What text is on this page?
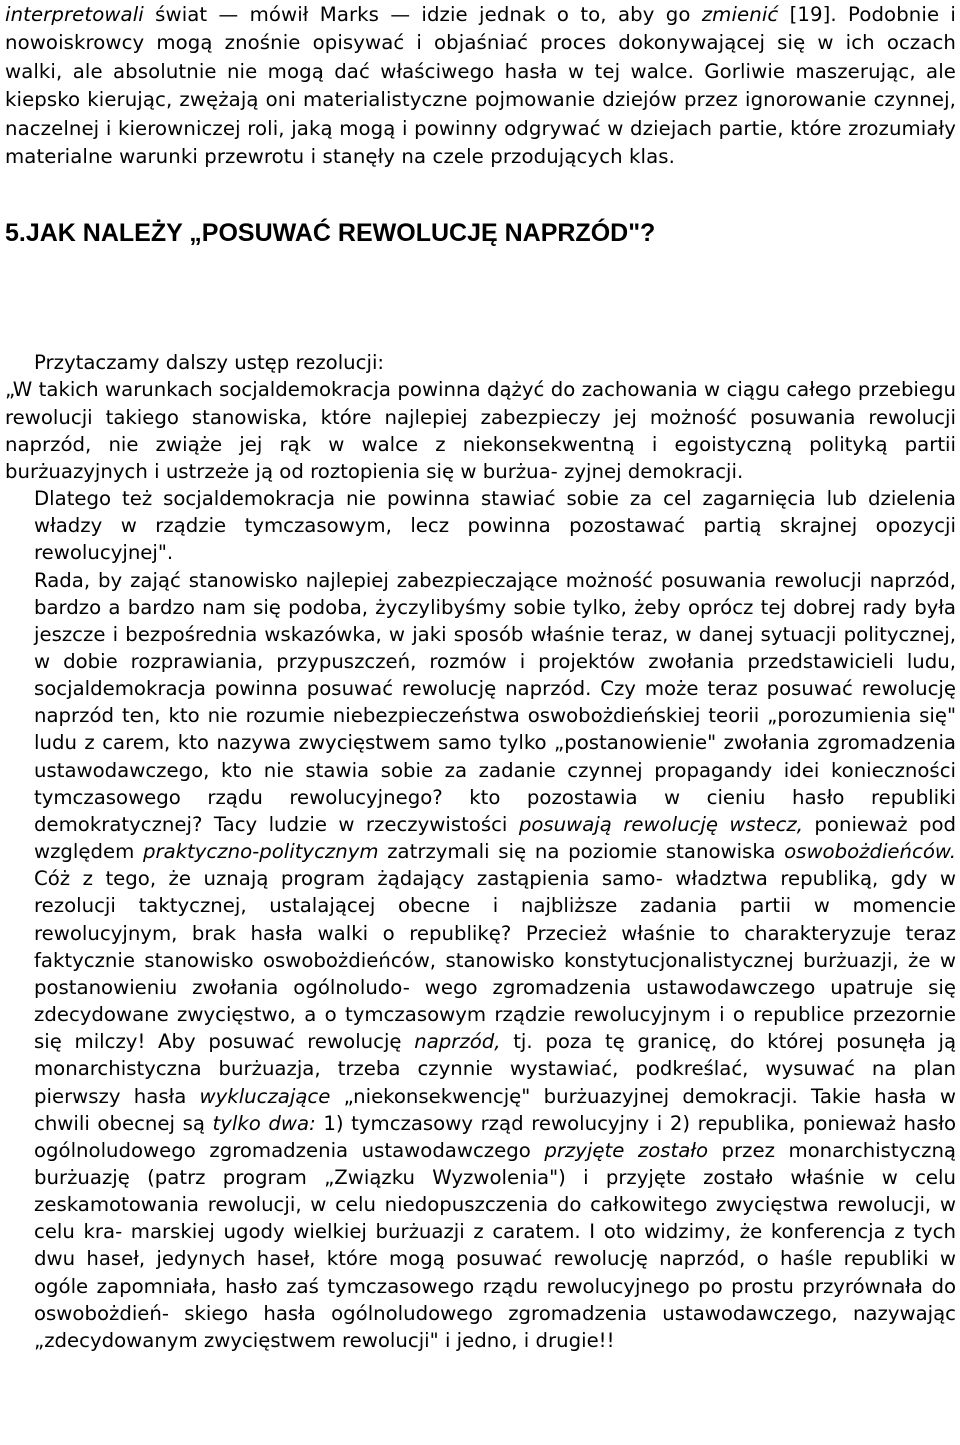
interpretowali świat — mówił Marks — idzie jednak o to, aby go zmienić [19]. Podobnie i nowoiskrowcy mogą znośnie opisywać i objaśniać proces dokonywającej się w ich oczach walki, ale absolutnie nie mogą dać właściwego hasła w tej walce. Gorliwie maszerując, ale kiepsko kierując, zwężają oni materialistyczne pojmowanie dziejów przez ignorowanie czynnej, naczelnej i kierowniczej roli, jaką mogą i powinny odgrywać w dziejach partie, które zrozumiały materialne warunki przewrotu i stanęły na czele przodujących klas.

5.JAK NALEŻY „POSUWAĆ REWOLUCJĘ NAPRZÓD"?

Przytaczamy dalszy ustęp rezolucji:

„W takich warunkach socjaldemokracja powinna dążyć do zachowania w ciągu całego przebiegu rewolucji takiego stanowiska, które najlepiej zabezpieczy jej możność posuwania rewolucji naprzód, nie zwiąże jej rąk w walce z niekonsekwentną i egoistyczną polityką partii burżuazyjnych i ustrzeże ją od roztopienia się w burżua- zyjnej demokracji.

Dlatego też socjaldemokracja nie powinna stawiać sobie za cel zagarnięcia lub dzielenia władzy w rządzie tymczasowym, lecz powinna pozostawać partią skrajnej opozycji rewolucyjnej".

Rada, by zająć stanowisko najlepiej zabezpieczające możność posuwania rewolucji naprzód, bardzo a bardzo nam się podoba, życzylibyśmy sobie tylko, żeby oprócz tej dobrej rady była jeszcze i bezpośrednia wskazówka, w jaki sposób właśnie teraz, w danej sytuacji politycznej, w dobie rozprawiania, przypuszczeń, rozmów i projektów zwołania przedstawicieli ludu, socjaldemokracja powinna posuwać rewolucję naprzód. Czy może teraz posuwać rewolucję naprzód ten, kto nie rozumie niebezpieczeństwa oswobożdieńskiej teorii „porozumienia się" ludu z carem, kto nazywa zwycięstwem samo tylko „postanowienie" zwołania zgromadzenia ustawodawczego, kto nie stawia sobie za zadanie czynnej propagandy idei konieczności tymczasowego rządu rewolucyjnego? kto pozostawia w cieniu hasło republiki demokratycznej? Tacy ludzie w rzeczywistości posuwają rewolucję wstecz, ponieważ pod względem praktyczno-politycznym zatrzymali się na poziomie stanowiska oswobożdieńców. Cóż z tego, że uznają program żądający zastąpienia samo- władztwa republiką, gdy w rezolucji taktycznej, ustalającej obecne i najbliższe zadania partii w momencie rewolucyjnym, brak hasła walki o republikę? Przecież właśnie to charakteryzuje teraz faktycznie stanowisko oswobożdieńców, stanowisko konstytucjonalistycznej burżuazji, że w postanowieniu zwołania ogólnoludo- wego zgromadzenia ustawodawczego upatruje się zdecydowane zwycięstwo, a o tymczasowym rządzie rewolucyjnym i o republice przezornie się milczy! Aby posuwać rewolucję naprzód, tj. poza tę granicę, do której posunęła ją monarchistyczna burżuazja, trzeba czynnie wystawiać, podkreślać, wysuwać na plan pierwszy hasła wykluczające „niekonsekwencję" burżuazyjnej demokracji. Takie hasła w chwili obecnej są tylko dwa: 1) tymczasowy rząd rewolucyjny i 2) republika, ponieważ hasło ogólnoludowego zgromadzenia ustawodawczego przyjęte zostało przez monarchistyczną burżuazję (patrz program „Związku Wyzwolenia") i przyjęte zostało właśnie w celu zeskamotowania rewolucji, w celu niedopuszczenia do całkowitego zwycięstwa rewolucji, w celu kra- marskiej ugody wielkiej burżuazji z caratem. I oto widzimy, że konferencja z tych dwu haseł, jedynych haseł, które mogą posuwać rewolucję naprzód, o haśle republiki w ogóle zapomniała, hasło zaś tymczasowego rządu rewolucyjnego po prostu przyrównała do oswobożdień- skiego hasła ogólnoludowego zgromadzenia ustawodawczego, nazywając „zdecydowanym zwycięstwem rewolucji" i jedno, i drugie!!
